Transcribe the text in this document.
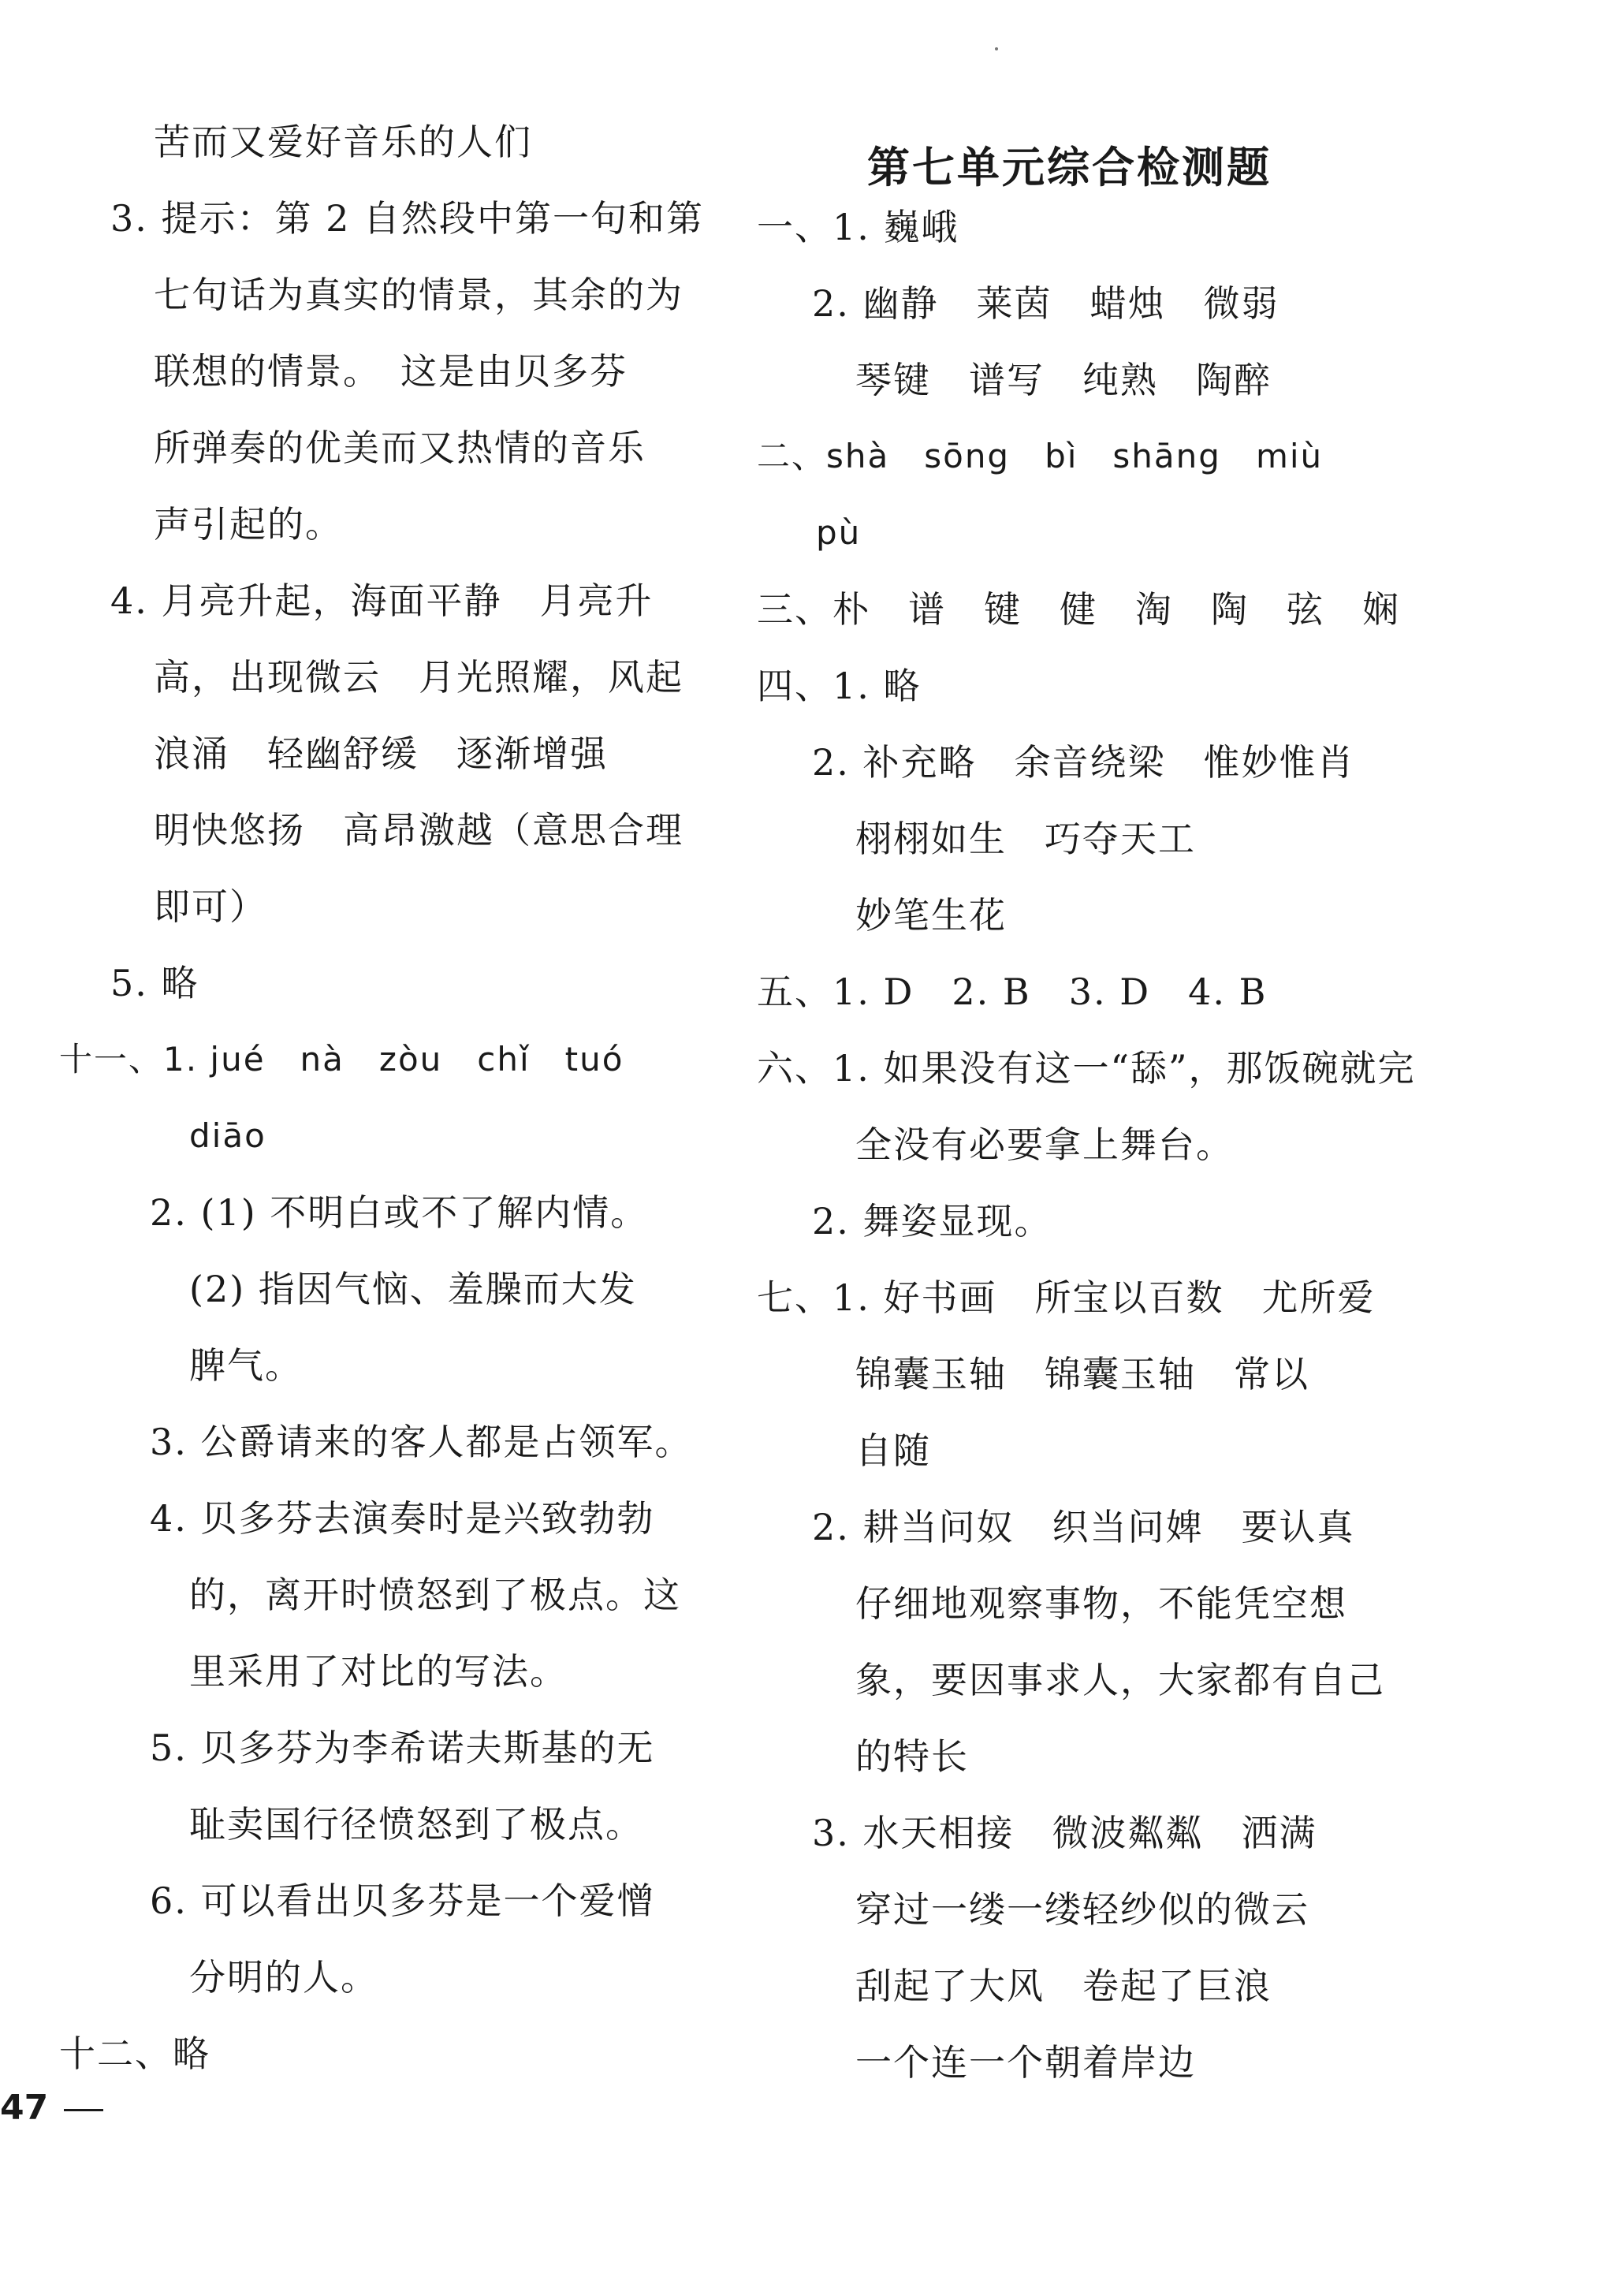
苦而又爱好音乐的人们
3. 提示：第 2 自然段中第一句和第
七句话为真实的情景，其余的为
联想的情景。　这是由贝多芬
所弹奏的优美而又热情的音乐
声引起的。
4. 月亮升起，海面平静　月亮升
高，出现微云　月光照耀，风起
浪涌　轻幽舒缓　逐渐增强
明快悠扬　高昂激越（意思合理
即可）
5. 略
十一、1. jué　nà　zòu　chǐ　tuó
diāo
2. (1) 不明白或不了解内情。
(2) 指因气恼、羞臊而大发
脾气。
3. 公爵请来的客人都是占领军。
4. 贝多芬去演奏时是兴致勃勃
的，离开时愤怒到了极点。这
里采用了对比的写法。
5. 贝多芬为李希诺夫斯基的无
耻卖国行径愤怒到了极点。
6. 可以看出贝多芬是一个爱憎
分明的人。
十二、略
第七单元综合检测题
一、1. 巍峨
2. 幽静　莱茵　蜡烛　微弱
琴键　谱写　纯熟　陶醉
二、shà　sōng　bì　shāng　miù
pù
三、朴　谱　键　健　淘　陶　弦　娴
四、1. 略
2. 补充略　余音绕梁　惟妙惟肖
栩栩如生　巧夺天工
妙笔生花
五、1. D　2. B　3. D　4. B
六、1. 如果没有这一“舔”，那饭碗就完
全没有必要拿上舞台。
2. 舞姿显现。
七、1. 好书画　所宝以百数　尤所爱
锦囊玉轴　锦囊玉轴　常以
自随
2. 耕当问奴　织当问婢　要认真
仔细地观察事物，不能凭空想
象，要因事求人，大家都有自己
的特长
3. 水天相接　微波粼粼　洒满
穿过一缕一缕轻纱似的微云
刮起了大风　卷起了巨浪
一个连一个朝着岸边
47
